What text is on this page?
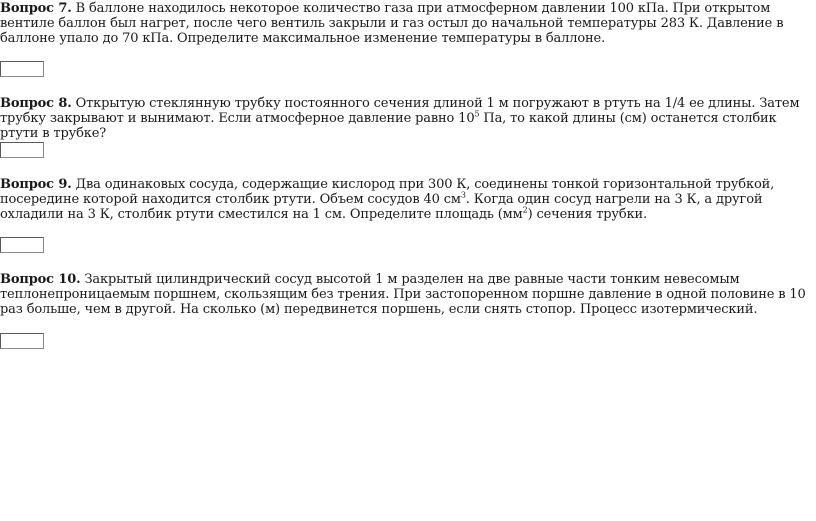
Вопрос 7. В баллоне находилось некоторое количество газа при атмосферном давлении 100 кПа. При открытом вентиле баллон был нагрет, после чего вентиль закрыли и газ остыл до начальной температуры 283 К. Давление в баллоне упало до 70 кПа. Определите максимальное изменение температуры в баллоне.
Вопрос 8. Открытую стеклянную трубку постоянного сечения длиной 1 м погружают в ртуть на 1/4 ее длины. Затем трубку закрывают и вынимают. Если атмосферное давление равно $10^5$ Па, то какой длины (см) останется столбик ртути в трубке?
Вопрос 9. Два одинаковых сосуда, содержащие кислород при 300 К, соединены тонкой горизонтальной трубкой, посередине которой находится столбик ртути. Объем сосудов 40 $см^3$. Когда один сосуд нагрели на 3 К, а другой охладили на 3 К, столбик ртути сместился на 1 см. Определите площадь $(мм^2)$ сечения трубки.
Вопрос 10. Закрытый цилиндрический сосуд высотой 1 м разделен на две равные части тонким невесомым теплонепроницаемым поршнем, скользящим без трения. При застопоренном поршне давление в одной половине в 10 раз больше, чем в другой. На сколько (м) передвинется поршень, если снять стопор. Процесс изотермический.
